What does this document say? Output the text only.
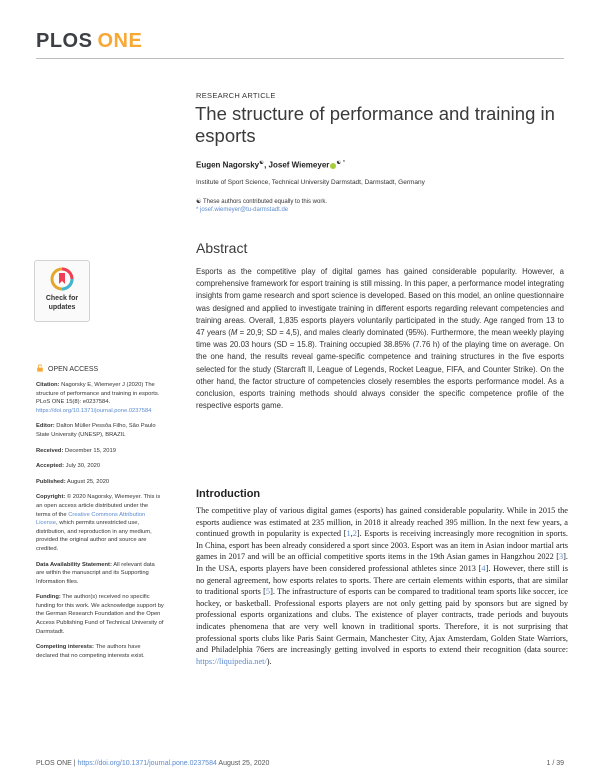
PLOS ONE
RESEARCH ARTICLE
The structure of performance and training in esports
Eugen Nagorsky☯, Josef Wiemeyer ☯ *
Institute of Sport Science, Technical University Darmstadt, Darmstadt, Germany
☯ These authors contributed equally to this work.
* josef.wiemeyer@tu-darmstadt.de
Check for
updates
Abstract
Esports as the competitive play of digital games has gained considerable popularity. However, a comprehensive framework for esport training is still missing. In this paper, a performance model integrating insights from game research and sport science is developed. Based on this model, an online questionnaire was designed and applied to investigate training in different esports regarding relevant competencies and training areas. Overall, 1,835 esports players voluntarily participated in the study. Age ranged from 13 to 47 years (M = 20,9; SD = 4,5), and males clearly dominated (95%). Furthermore, the mean weekly playing time was 20.03 hours (SD = 15.8). Training occupied 38.85% (7.76 h) of the playing time on average. On the one hand, the results reveal game-specific competence and training structures in the five esports selected for the study (Starcraft II, League of Legends, Rocket League, FIFA, and Counter Strike). On the other hand, the factor structure of competencies closely resembles the esports performance model. As a conclusion, esports training methods should always consider the specific competence profile of the respective esports game.
OPEN ACCESS

Citation: Nagorsky E, Wiemeyer J (2020) The structure of performance and training in esports. PLoS ONE 15(8): e0237584. https://doi.org/10.1371/journal.pone.0237584

Editor: Dalton Müller Pessôa Filho, São Paulo State University (UNESP), BRAZIL

Received: December 15, 2019

Accepted: July 30, 2020

Published: August 25, 2020

Copyright: © 2020 Nagorsky, Wiemeyer. This is an open access article distributed under the terms of the Creative Commons Attribution License, which permits unrestricted use, distribution, and reproduction in any medium, provided the original author and source are credited.

Data Availability Statement: All relevant data are within the manuscript and its Supporting Information files.

Funding: The author(s) received no specific funding for this work. We acknowledge support by the German Research Foundation and the Open Access Publishing Fund of Technical University of Darmstadt.

Competing interests: The authors have declared that no competing interests exist.

Introduction
The competitive play of various digital games (esports) has gained considerable popularity. While in 2015 the esports audience was estimated at 235 million, in 2018 it already reached 395 million. In the next few years, a continued growth in popularity is expected [1,2]. Esports is receiving increasingly more recognition in sports. In China, esport has been already considered a sport since 2003. Esport was an item in Asian indoor martial arts games in 2017 and will be an official competitive sports items in the 19th Asian games in Hangzhou 2022 [3]. In the USA, esports players have been considered professional athletes since 2013 [4]. However, there still is no general agreement, how esports relates to sports. There are certain elements within esports, that are similar to traditional sports [5]. The infrastructure of esports can be compared to traditional team sports like soccer, ice hockey, or basketball. Professional esports players are not only getting paid by sponsors but are signed by professional esports organizations and clubs. The existence of player contracts, trade periods and buyouts indicates phenomena that are very well known in traditional sports. Therefore, it is not surprising that professional sports clubs like Paris Saint Germain, Manchester City, Ajax Amsterdam, Golden State Warriors, and Philadelphia 76ers are increasingly getting involved in esports to extend their recognition (data source: https://liquipedia.net/).
PLOS ONE | https://doi.org/10.1371/journal.pone.0237584 August 25, 2020	1 / 39
